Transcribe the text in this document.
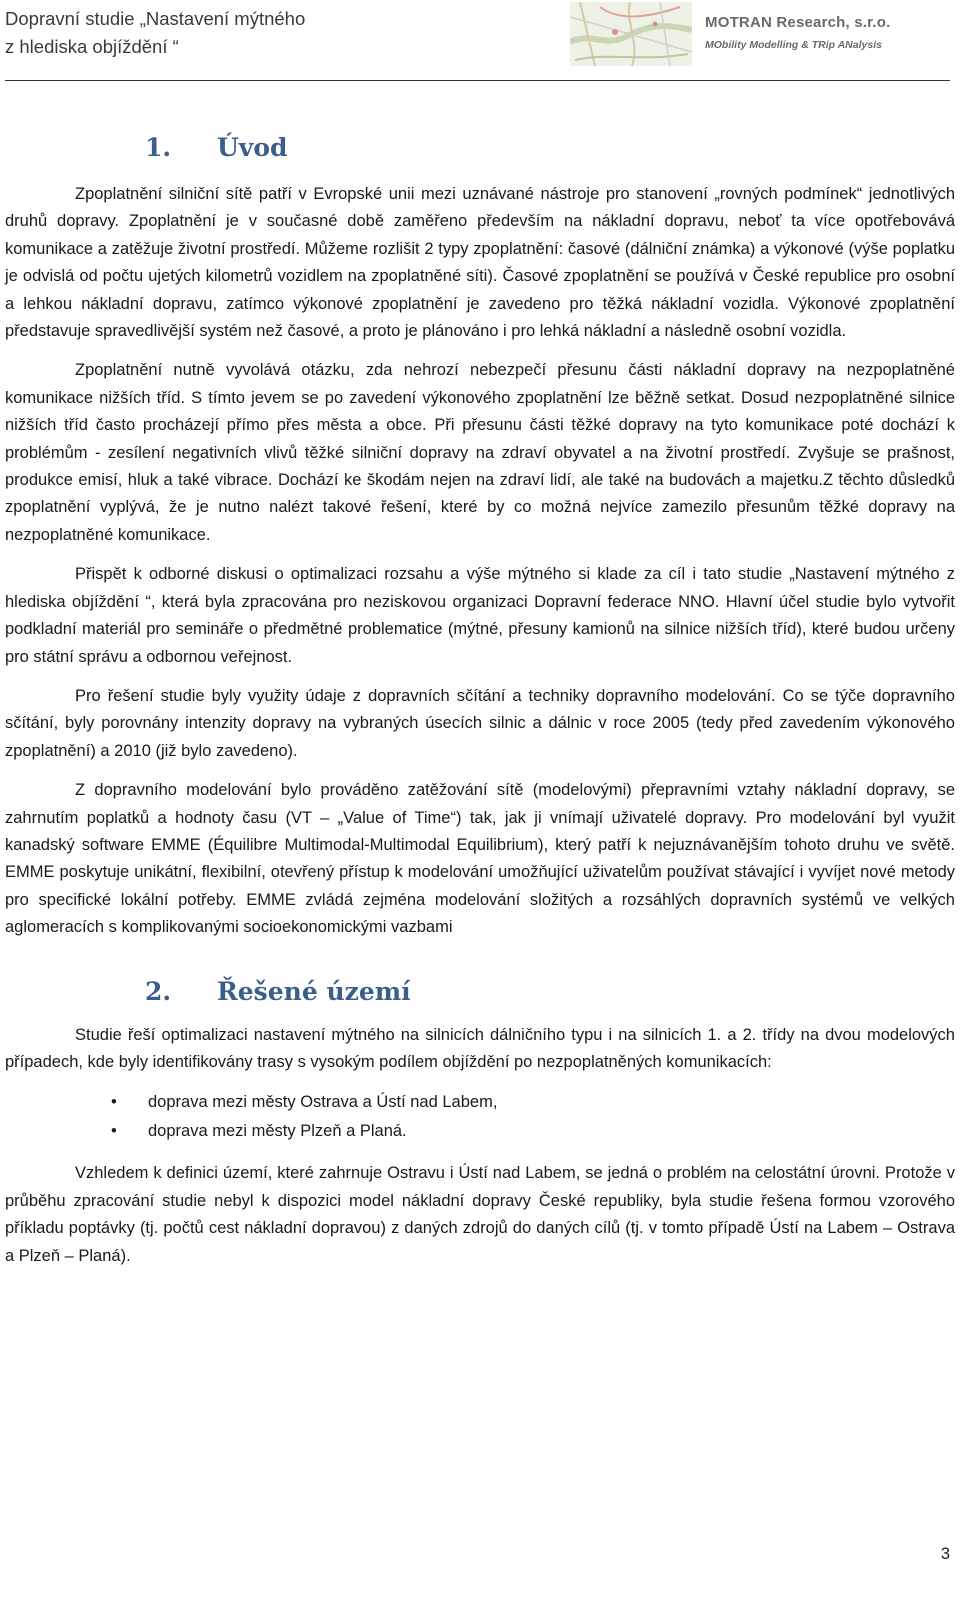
Dopravní studie „Nastavení mýtného
z hlediska objíždění “
MOTRAN Research, s.r.o.
MObility Modelling & TRip ANalysis
1. Úvod

Zpoplatnění silniční sítě patří v Evropské unii mezi uznávané nástroje pro stanovení „rovných podmínek“ jednotlivých druhů dopravy. Zpoplatnění je v současné době zaměřeno především na nákladní dopravu, neboť ta více opotřebovává komunikace a zatěžuje životní prostředí. Můžeme rozlišit 2 typy zpoplatnění: časové (dálniční známka) a výkonové (výše poplatku je odvislá od počtu ujetých kilometrů vozidlem na zpoplatněné síti). Časové zpoplatnění se používá v České republice pro osobní a lehkou nákladní dopravu, zatímco výkonové zpoplatnění je zavedeno pro těžká nákladní vozidla. Výkonové zpoplatnění představuje spravedlivější systém než časové, a proto je plánováno i pro lehká nákladní a následně osobní vozidla.

Zpoplatnění nutně vyvolává otázku, zda nehrozí nebezpečí přesunu části nákladní dopravy na nezpoplatněné komunikace nižších tříd. S tímto jevem se po zavedení výkonového zpoplatnění lze běžně setkat. Dosud nezpoplatněné silnice nižších tříd často procházejí přímo přes města a obce. Při přesunu části těžké dopravy na tyto komunikace poté dochází k problémům - zesílení negativních vlivů těžké silniční dopravy na zdraví obyvatel a na životní prostředí. Zvyšuje se prašnost, produkce emisí, hluk a také vibrace. Dochází ke škodám nejen na zdraví lidí, ale také na budovách a majetku.Z těchto důsledků zpoplatnění vyplývá, že je nutno nalézt takové řešení, které by co možná nejvíce zamezilo přesunům těžké dopravy na nezpoplatněné komunikace.

Přispět k odborné diskusi o optimalizaci rozsahu a výše mýtného si klade za cíl i tato studie „Nastavení mýtného z hlediska objíždění “, která byla zpracována pro neziskovou organizaci Dopravní federace NNO. Hlavní účel studie bylo vytvořit podkladní materiál pro semináře o předmětné problematice (mýtné, přesuny kamionů na silnice nižších tříd), které budou určeny pro státní správu a odbornou veřejnost.

Pro řešení studie byly využity údaje z dopravních sčítání a techniky dopravního modelování. Co se týče dopravního sčítání, byly porovnány intenzity dopravy na vybraných úsecích silnic a dálnic v roce 2005 (tedy před zavedením výkonového zpoplatnění) a 2010 (již bylo zavedeno).

Z dopravního modelování bylo prováděno zatěžování sítě (modelovými) přepravními vztahy nákladní dopravy, se zahrnutím poplatků a hodnoty času (VT – „Value of Time“) tak, jak ji vnímají uživatelé dopravy. Pro modelování byl využit kanadský software EMME (Équilibre Multimodal-Multimodal Equilibrium), který patří k nejuznávanějším tohoto druhu ve světě. EMME poskytuje unikátní, flexibilní, otevřený přístup k modelování umožňující uživatelům používat stávající i vyvíjet nové metody pro specifické lokální potřeby. EMME zvládá zejména modelování složitých a rozsáhlých dopravních systémů ve velkých aglomeracích s komplikovanými socioekonomickými vazbami

2. Řešené území

Studie řeší optimalizaci nastavení mýtného na silnicích dálničního typu i na silnicích 1. a 2. třídy na dvou modelových případech, kde byly identifikovány trasy s vysokým podílem objíždění po nezpoplatněných komunikacích:

• doprava mezi městy Ostrava a Ústí nad Labem,
• doprava mezi městy Plzeň a Planá.

Vzhledem k definici území, které zahrnuje Ostravu i Ústí nad Labem, se jedná o problém na celostátní úrovni. Protože v průběhu zpracování studie nebyl k dispozici model nákladní dopravy České republiky, byla studie řešena formou vzorového příkladu poptávky (tj. počtů cest nákladní dopravou) z daných zdrojů do daných cílů (tj. v tomto případě Ústí na Labem – Ostrava a Plzeň – Planá).

3
